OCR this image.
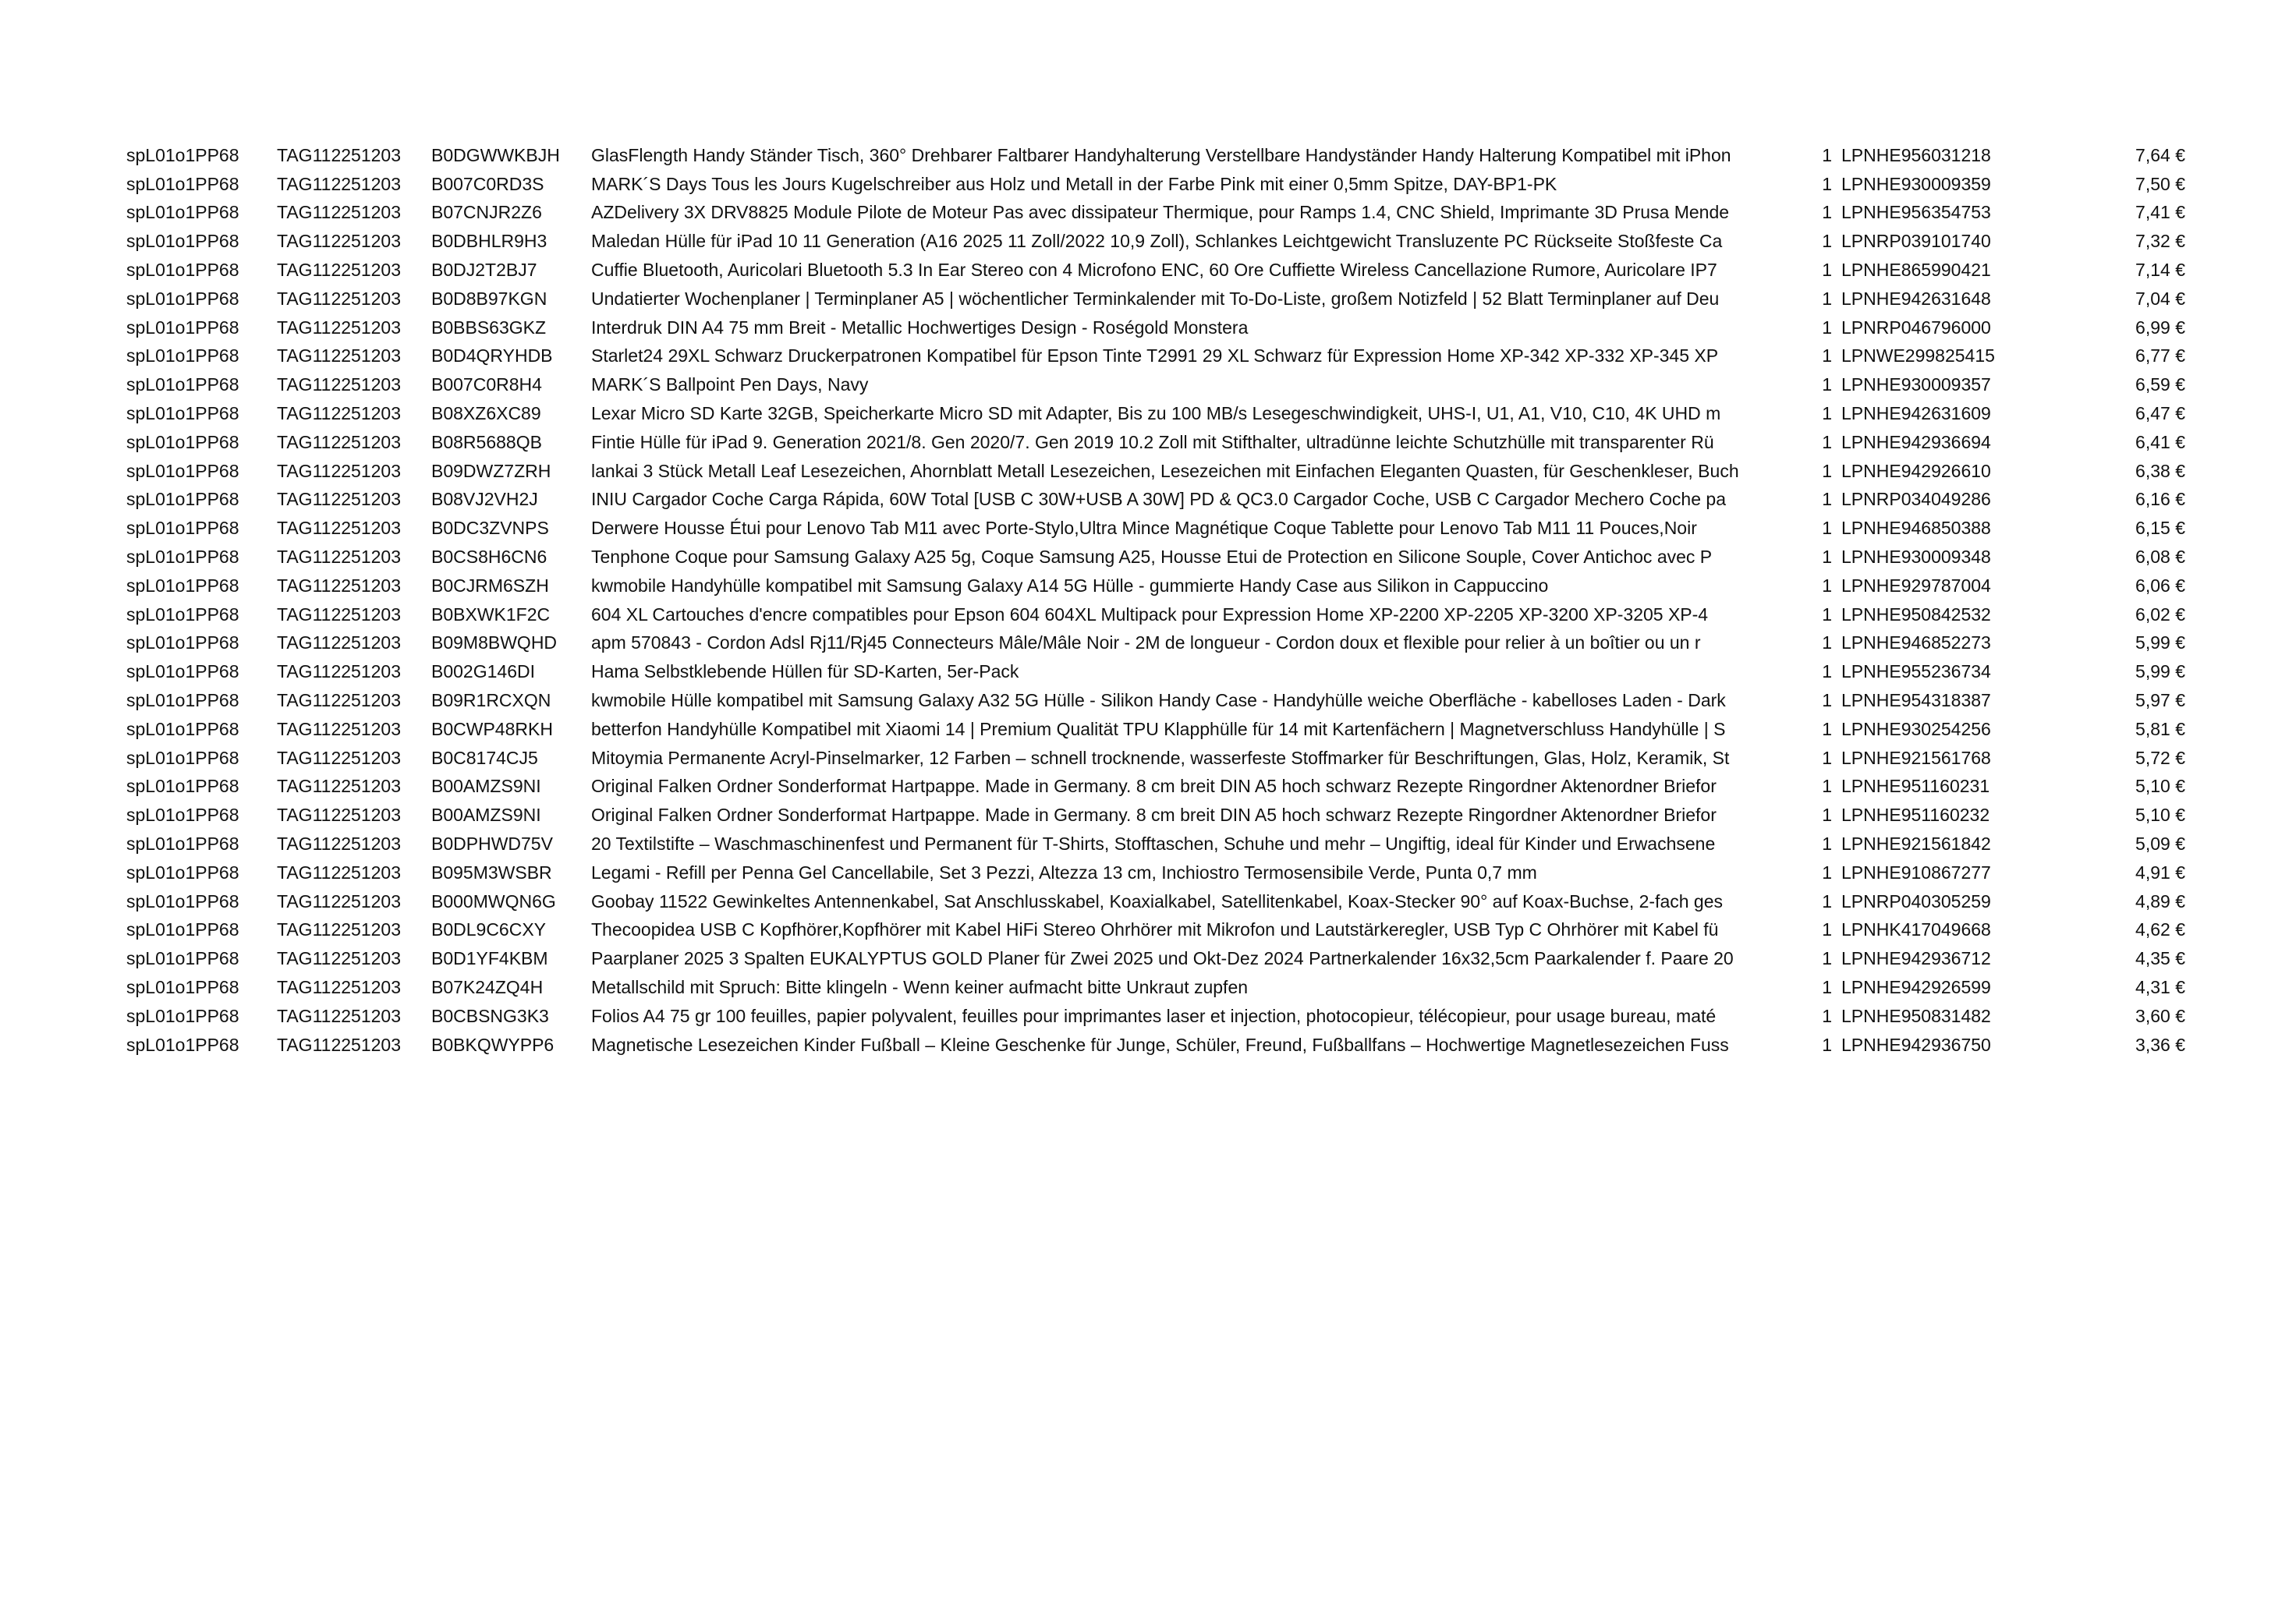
spL01o1PP68	TAG112251203	B0DGWWKBJH	GlasFlength Handy Ständer Tisch, 360° Drehbarer Faltbarer Handyhalterung Verstellbare Handyständer Handy Halterung Kompatibel mit iPhon	1	LPNHE956031218	7,64 €
spL01o1PP68	TAG112251203	B007C0RD3S	MARK´S Days Tous les Jours Kugelschreiber aus Holz und Metall in der Farbe Pink mit einer 0,5mm Spitze, DAY-BP1-PK	1	LPNHE930009359	7,50 €
spL01o1PP68	TAG112251203	B07CNJR2Z6	AZDelivery 3X DRV8825 Module Pilote de Moteur Pas avec dissipateur Thermique, pour Ramps 1.4, CNC Shield, Imprimante 3D Prusa Mende	1	LPNHE956354753	7,41 €
spL01o1PP68	TAG112251203	B0DBHLR9H3	Maledan Hülle für iPad 10 11 Generation (A16 2025 11 Zoll/2022 10,9 Zoll), Schlankes Leichtgewicht Transluzente PC Rückseite Stoßfeste Ca	1	LPNRP039101740	7,32 €
spL01o1PP68	TAG112251203	B0DJ2T2BJ7	Cuffie Bluetooth, Auricolari Bluetooth 5.3 In Ear Stereo con 4 Microfono ENC, 60 Ore Cuffiette Wireless Cancellazione Rumore, Auricolare IP7	1	LPNHE865990421	7,14 €
spL01o1PP68	TAG112251203	B0D8B97KGN	Undatierter Wochenplaner | Terminplaner A5 | wöchentlicher Terminkalender mit To-Do-Liste, großem Notizfeld | 52 Blatt Terminplaner auf Deu	1	LPNHE942631648	7,04 €
spL01o1PP68	TAG112251203	B0BBS63GKZ	Interdruk DIN A4 75 mm Breit - Metallic Hochwertiges Design - Roségold Monstera	1	LPNRP046796000	6,99 €
spL01o1PP68	TAG112251203	B0D4QRYHDB	Starlet24 29XL Schwarz Druckerpatronen Kompatibel für Epson Tinte T2991 29 XL Schwarz für Expression Home XP-342 XP-332 XP-345 XP	1	LPNWE299825415	6,77 €
spL01o1PP68	TAG112251203	B007C0R8H4	MARK´S Ballpoint Pen Days, Navy	1	LPNHE930009357	6,59 €
spL01o1PP68	TAG112251203	B08XZ6XC89	Lexar Micro SD Karte 32GB, Speicherkarte Micro SD mit Adapter, Bis zu 100 MB/s Lesegeschwindigkeit, UHS-I, U1, A1, V10, C10, 4K UHD m	1	LPNHE942631609	6,47 €
spL01o1PP68	TAG112251203	B08R5688QB	Fintie Hülle für iPad 9. Generation 2021/8. Gen 2020/7. Gen 2019 10.2 Zoll mit Stifthalter, ultradünne leichte Schutzhülle mit transparenter Rü	1	LPNHE942936694	6,41 €
spL01o1PP68	TAG112251203	B09DWZ7ZRH	lankai 3 Stück Metall Leaf Lesezeichen, Ahornblatt Metall Lesezeichen, Lesezeichen mit Einfachen Eleganten Quasten, für Geschenkleser, Buch	1	LPNHE942926610	6,38 €
spL01o1PP68	TAG112251203	B08VJ2VH2J	INIU Cargador Coche Carga Rápida, 60W Total [USB C 30W+USB A 30W] PD & QC3.0 Cargador Coche, USB C Cargador Mechero Coche pa	1	LPNRP034049286	6,16 €
spL01o1PP68	TAG112251203	B0DC3ZVNPS	Derwere Housse Étui pour Lenovo Tab M11 avec Porte-Stylo,Ultra Mince Magnétique Coque Tablette pour Lenovo Tab M11 11 Pouces,Noir	1	LPNHE946850388	6,15 €
spL01o1PP68	TAG112251203	B0CS8H6CN6	Tenphone Coque pour Samsung Galaxy A25 5g, Coque Samsung A25, Housse Etui de Protection en Silicone Souple, Cover Antichoc avec P	1	LPNHE930009348	6,08 €
spL01o1PP68	TAG112251203	B0CJRM6SZH	kwmobile Handyhülle kompatibel mit Samsung Galaxy A14 5G Hülle - gummierte Handy Case aus Silikon in Cappuccino	1	LPNHE929787004	6,06 €
spL01o1PP68	TAG112251203	B0BXWK1F2C	604 XL Cartouches d'encre compatibles pour Epson 604 604XL Multipack pour Expression Home XP-2200 XP-2205 XP-3200 XP-3205 XP-4	1	LPNHE950842532	6,02 €
spL01o1PP68	TAG112251203	B09M8BWQHD	apm 570843 - Cordon Adsl Rj11/Rj45 Connecteurs Mâle/Mâle Noir - 2M de longueur - Cordon doux et flexible pour relier à un boîtier ou un r	1	LPNHE946852273	5,99 €
spL01o1PP68	TAG112251203	B002G146DI	Hama Selbstklebende Hüllen für SD-Karten, 5er-Pack	1	LPNHE955236734	5,99 €
spL01o1PP68	TAG112251203	B09R1RCXQN	kwmobile Hülle kompatibel mit Samsung Galaxy A32 5G Hülle - Silikon Handy Case - Handyhülle weiche Oberfläche - kabelloses Laden - Dark	1	LPNHE954318387	5,97 €
spL01o1PP68	TAG112251203	B0CWP48RKH	betterfon Handyhülle Kompatibel mit Xiaomi 14 | Premium Qualität TPU Klapphülle für 14 mit Kartenfächern | Magnetverschluss Handyhülle | S	1	LPNHE930254256	5,81 €
spL01o1PP68	TAG112251203	B0C8174CJ5	Mitoymia Permanente Acryl-Pinselmarker, 12 Farben – schnell trocknende, wasserfeste Stoffmarker für Beschriftungen, Glas, Holz, Keramik, St	1	LPNHE921561768	5,72 €
spL01o1PP68	TAG112251203	B00AMZS9NI	Original Falken Ordner Sonderformat Hartpappe. Made in Germany. 8 cm breit DIN A5 hoch schwarz Rezepte Ringordner Aktenordner Briefor	1	LPNHE951160231	5,10 €
spL01o1PP68	TAG112251203	B00AMZS9NI	Original Falken Ordner Sonderformat Hartpappe. Made in Germany. 8 cm breit DIN A5 hoch schwarz Rezepte Ringordner Aktenordner Briefor	1	LPNHE951160232	5,10 €
spL01o1PP68	TAG112251203	B0DPHWD75V	20 Textilstifte – Waschmaschinenfest und Permanent für T-Shirts, Stofftaschen, Schuhe und mehr – Ungiftig, ideal für Kinder und Erwachsene	1	LPNHE921561842	5,09 €
spL01o1PP68	TAG112251203	B095M3WSBR	Legami - Refill per Penna Gel Cancellabile, Set 3 Pezzi, Altezza 13 cm, Inchiostro Termosensibile Verde, Punta 0,7 mm	1	LPNHE910867277	4,91 €
spL01o1PP68	TAG112251203	B000MWQN6G	Goobay 11522 Gewinkeltes Antennenkabel, Sat Anschlusskabel, Koaxialkabel, Satellitenkabel, Koax-Stecker 90° auf Koax-Buchse, 2-fach ges	1	LPNRP040305259	4,89 €
spL01o1PP68	TAG112251203	B0DL9C6CXY	Thecoopidea USB C Kopfhörer,Kopfhörer mit Kabel HiFi Stereo Ohrhörer mit Mikrofon und Lautstärkeregler, USB Typ C Ohrhörer mit Kabel fü	1	LPNHK417049668	4,62 €
spL01o1PP68	TAG112251203	B0D1YF4KBM	Paarplaner 2025 3 Spalten EUKALYPTUS GOLD Planer für Zwei 2025 und Okt-Dez 2024 Partnerkalender 16x32,5cm Paarkalender f. Paare 20	1	LPNHE942936712	4,35 €
spL01o1PP68	TAG112251203	B07K24ZQ4H	Metallschild mit Spruch: Bitte klingeln - Wenn keiner aufmacht bitte Unkraut zupfen	1	LPNHE942926599	4,31 €
spL01o1PP68	TAG112251203	B0CBSNG3K3	Folios A4 75 gr 100 feuilles, papier polyvalent, feuilles pour imprimantes laser et injection, photocopieur, télécopieur, pour usage bureau, maté	1	LPNHE950831482	3,60 €
spL01o1PP68	TAG112251203	B0BKQWYPP6	Magnetische Lesezeichen Kinder Fußball – Kleine Geschenke für Junge, Schüler, Freund, Fußballfans – Hochwertige Magnetlesezeichen Fuss	1	LPNHE942936750	3,36 €
